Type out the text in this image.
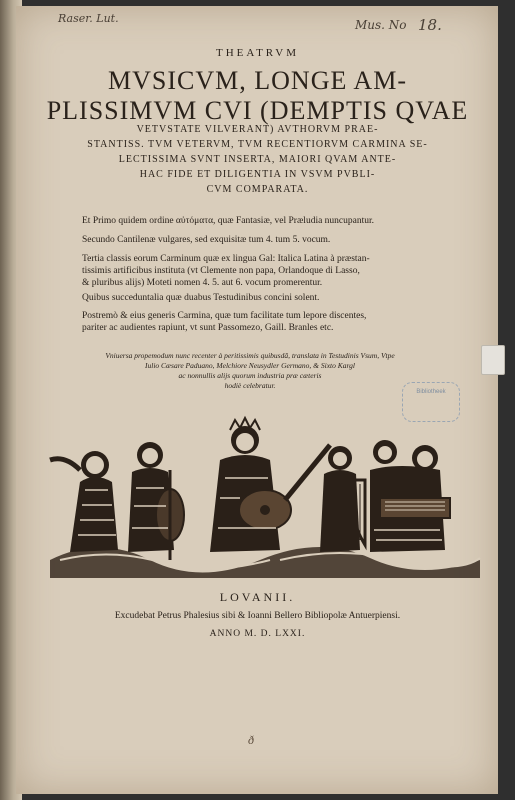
Raser. Lut.	Mus. No 18.
Bibliotheek
THEATRVM
MVSICVM, LONGE AM-
PLISSIMVM CVI (DEMPTIS QVAE
VETVSTATE VILVERANT) AVTHORVM PRAE-
STANTISS. TVM VETERVM, TVM RECENTIORVM CARMINA SE-
LECTISSIMA SVNT INSERTA, MAIORI QVAM ANTE-
HAC FIDE ET DILIGENTIA IN VSVM PVBLI-
CVM COMPARATA.
Et Primo quidem ordine αὐτόματα, quæ Fantasiæ, vel Præludia nuncupantur.
Secundo Cantilenæ vulgares, sed exquisitæ tum 4. tum 5. vocum.
Tertia classis eorum Carminum quæ ex lingua Gal: Italica Latina à præstan-
tissimis artificibus instituta (vt Clemente non papa, Orlandoque di Lasso,
& pluribus alijs) Moteti nomen 4. 5. aut 6. vocum promerentur.
Quibus succeduntalia quæ duabus Testudinibus concini solent.
Postremò & eius generis Carmina, quæ tum facilitate tum lepore discentes,
pariter ac audientes rapiunt, vt sunt Passomezo, Gaill. Branles etc.
Vniuersa propemodum nunc recenter à peritissimis quibusdã, translata in Testudinis Vsum, Vtpe
Iulio Cæsare Paduano, Melchiore Neusydler Germano, & Sixto Kargl
ac nonnullis alijs quorum industria præ cæteris
hodiè celebratur.
LOVANII.
Excudebat Petrus Phalesius sibi & Ioanni Bellero Bibliopolæ Antuerpiensi.
ANNO M. D. LXXI.
ð
